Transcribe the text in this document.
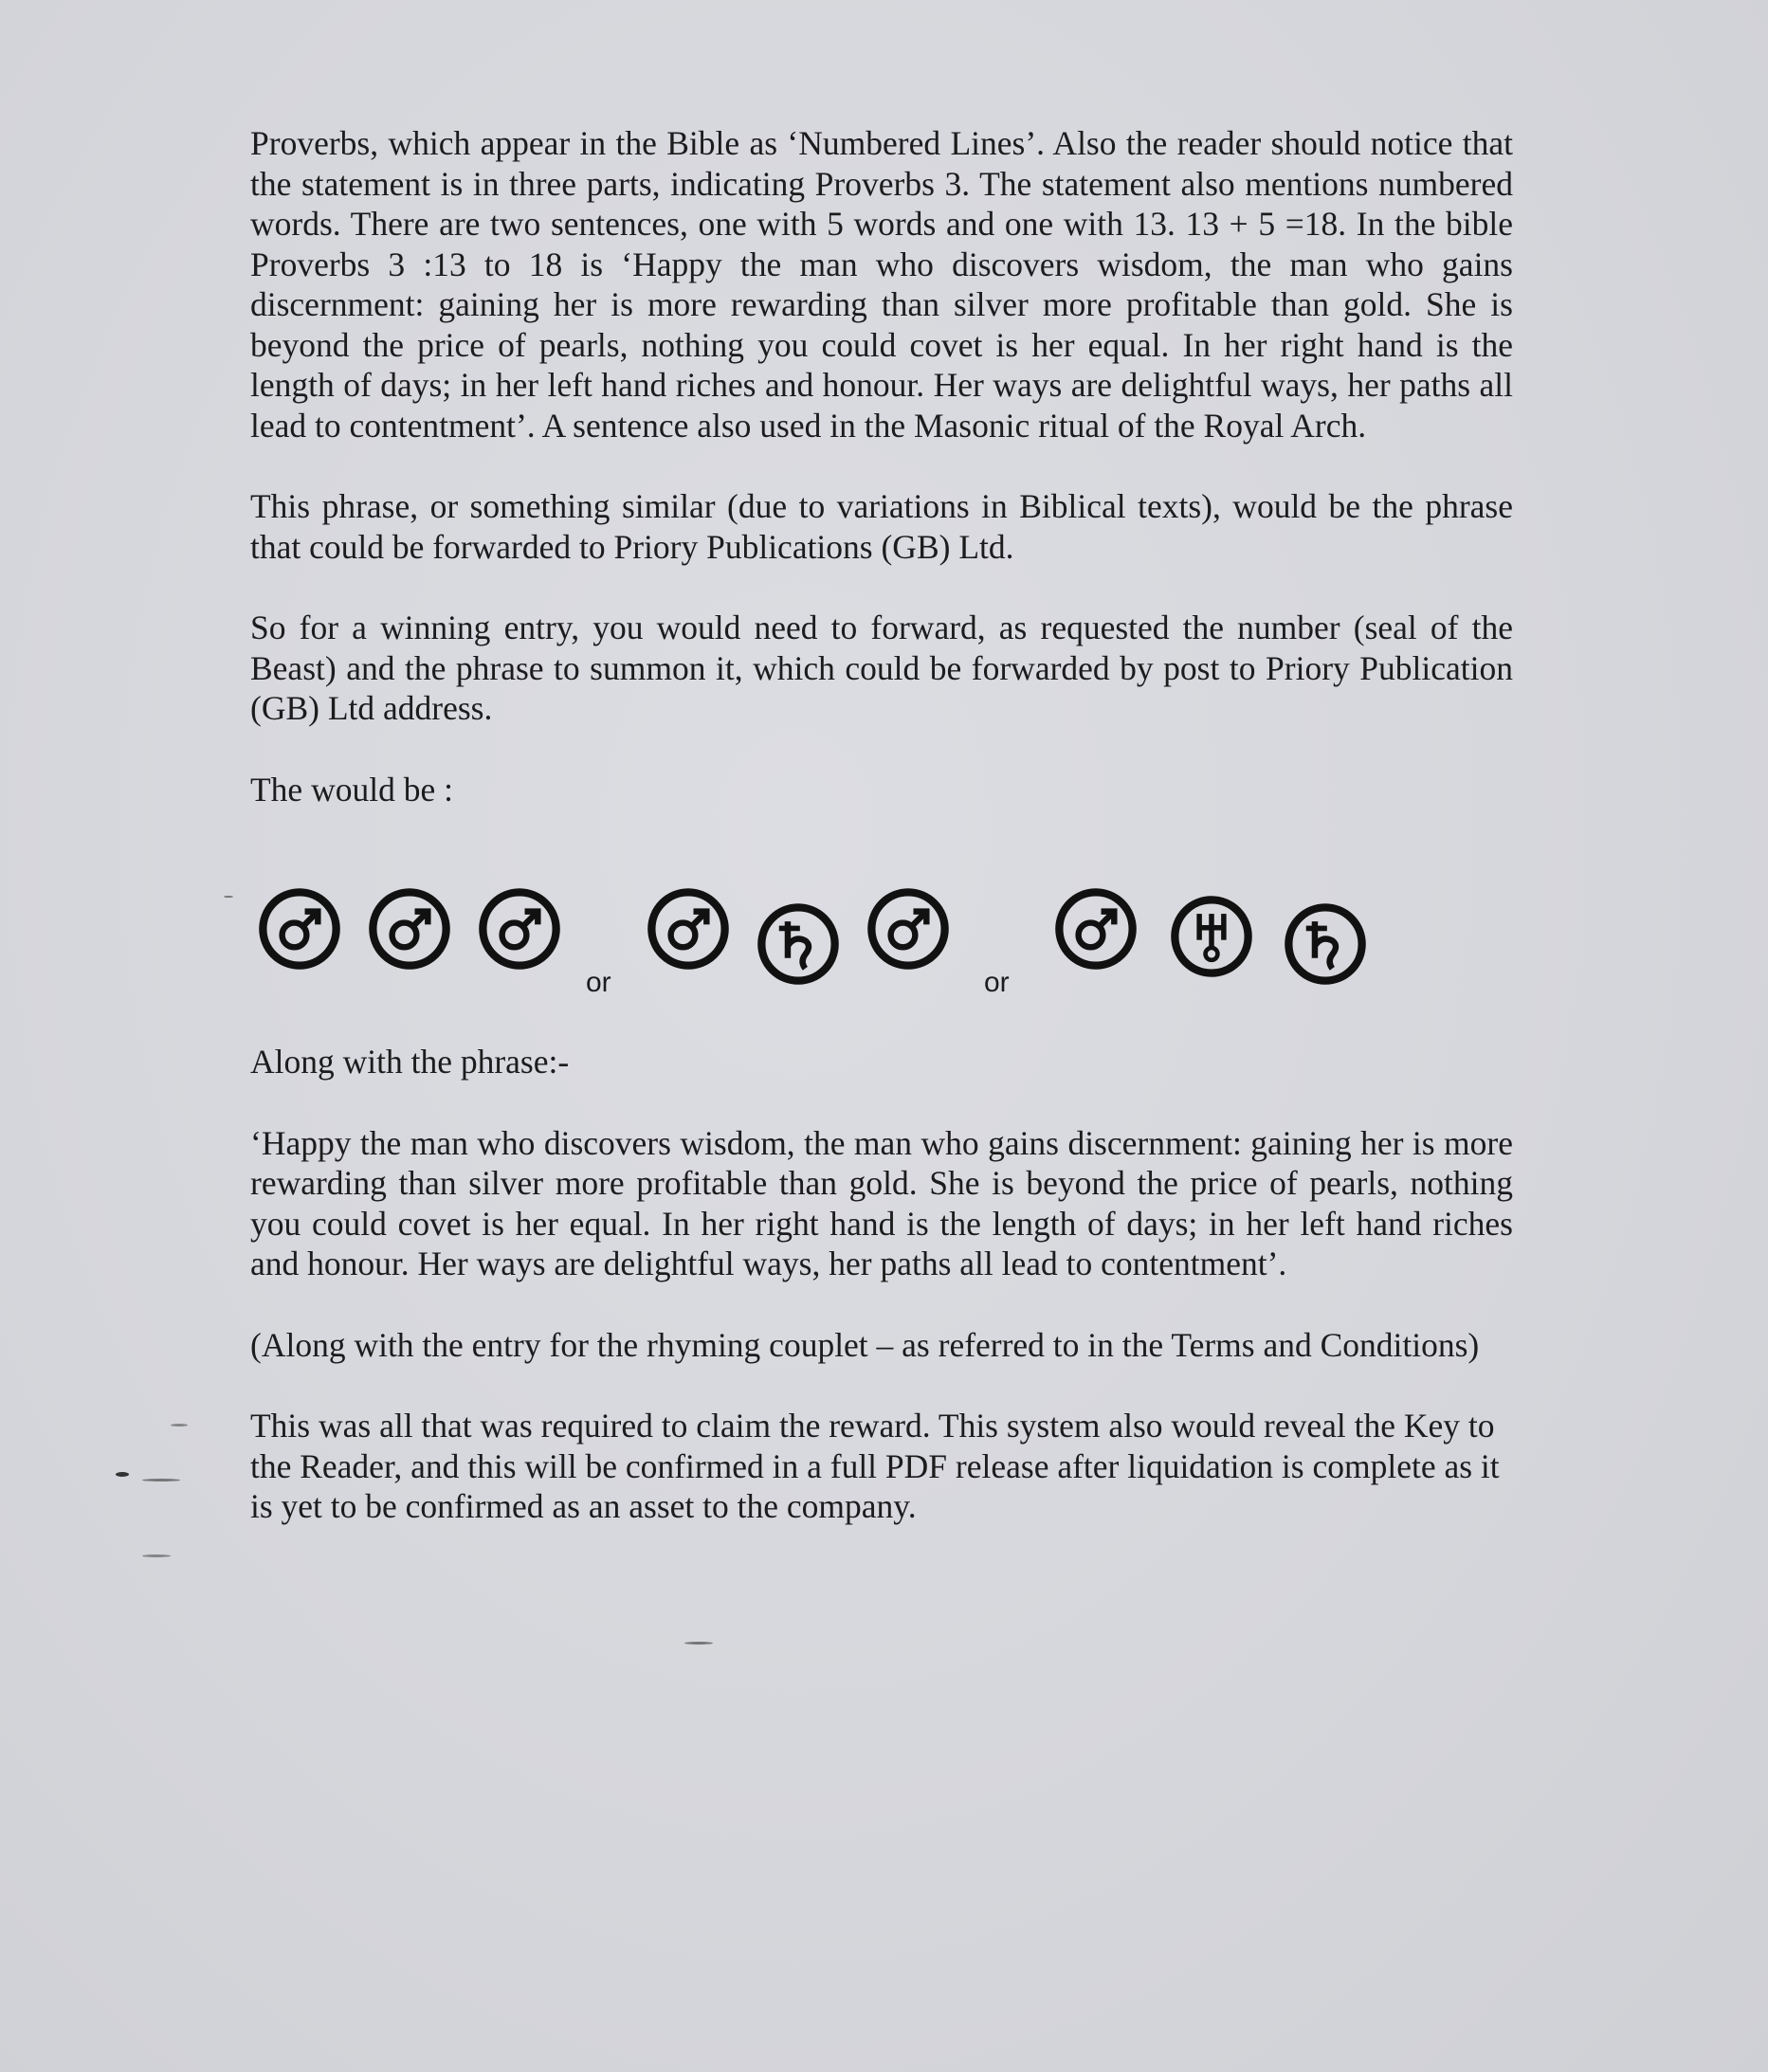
Proverbs, which appear in the Bible as ‘Numbered Lines’. Also the reader should notice that the statement is in three parts, indicating Proverbs 3. The statement also mentions numbered words. There are two sentences, one with 5 words and one with 13. 13 + 5 =18. In the bible Proverbs 3 :13 to 18 is ‘Happy the man who discovers wisdom, the man who gains discernment: gaining her is more rewarding than silver more profitable than gold. She is beyond the price of pearls, nothing you could covet is her equal. In her right hand is the length of days; in her left hand riches and honour. Her ways are delightful ways, her paths all lead to contentment’. A sentence also used in the Masonic ritual of the Royal Arch.

This phrase, or something similar (due to variations in Biblical texts), would be the phrase that could be forwarded to Priory Publications (GB) Ltd.

So for a winning entry, you would need to forward, as requested the number (seal of the Beast) and the phrase to summon it, which could be forwarded by post to Priory Publication (GB) Ltd address.

The would be :

or	or

Along with the phrase:-

‘Happy the man who discovers wisdom, the man who gains discernment: gaining her is more rewarding than silver more profitable than gold. She is beyond the price of pearls, nothing you could covet is her equal. In her right hand is the length of days; in her left hand riches and honour. Her ways are delightful ways, her paths all lead to contentment’.

(Along with the entry for the rhyming couplet – as referred to in the Terms and Conditions)

This was all that was required to claim the reward. This system also would reveal the Key to the Reader, and this will be confirmed in a full PDF release after liquidation is complete as it is yet to be confirmed as an asset to the company.
